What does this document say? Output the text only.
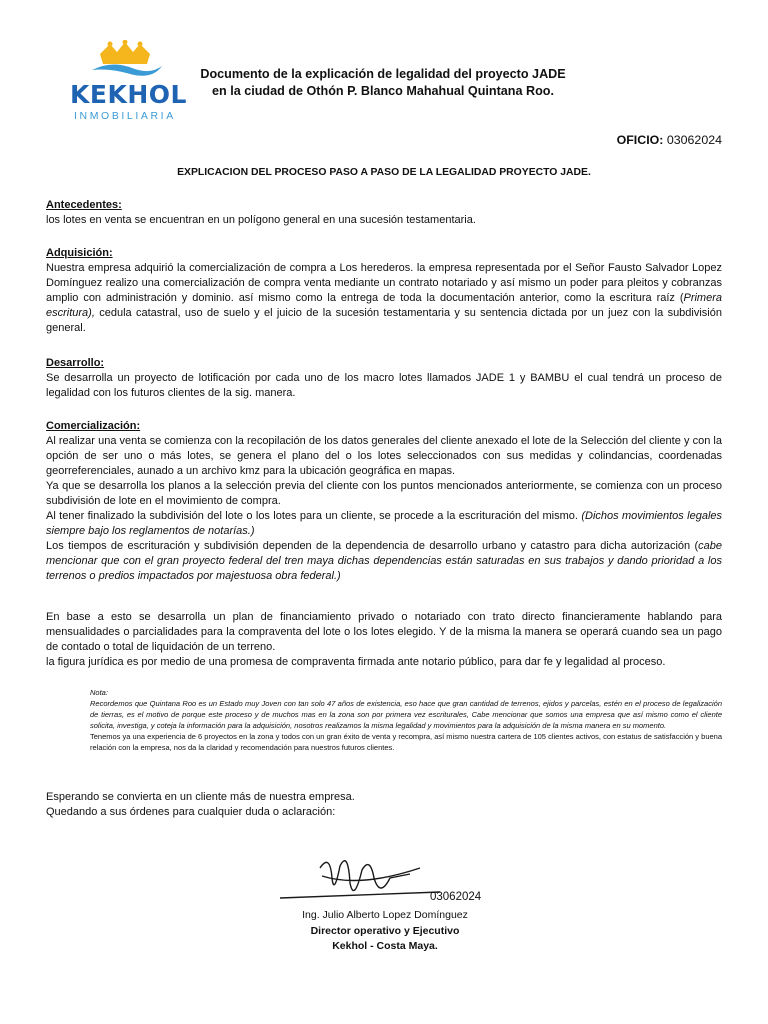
KEKHOL
INMOBILIARIA
Documento de la explicación de legalidad del proyecto JADE
en la ciudad de Othón P. Blanco Mahahual Quintana Roo.
OFICIO: 03062024
EXPLICACION DEL PROCESO PASO A PASO DE LA LEGALIDAD PROYECTO JADE.
Antecedentes:

los lotes en venta se encuentran en un polígono general en una sucesión testamentaria.

Adquisición:

Nuestra empresa adquirió la comercialización de compra a Los herederos. la empresa representada por el Señor Fausto Salvador Lopez Domínguez realizo una comercialización de compra venta mediante un contrato notariado y así mismo un poder para pleitos y cobranzas amplio con administración y dominio. así mismo como la entrega de toda la documentación anterior, como la escritura raíz (Primera escritura), cedula catastral, uso de suelo y el juicio de la sucesión testamentaria y su sentencia dictada por un juez con la subdivisión general.

Desarrollo:

Se desarrolla un proyecto de lotificación por cada uno de los macro lotes llamados JADE 1 y BAMBU el cual tendrá un proceso de legalidad con los futuros clientes de la sig. manera.

Comercialización:

Al realizar una venta se comienza con la recopilación de los datos generales del cliente anexado el lote de la Selección del cliente y con la opción de ser uno o más lotes, se genera el plano del o los lotes seleccionados con sus medidas y colindancias, coordenadas georreferenciales, aunado a un archivo kmz para la ubicación geográfica en mapas.

Ya que se desarrolla los planos a la selección previa del cliente con los puntos mencionados anteriormente, se comienza con un proceso subdivisión de lote en el movimiento de compra.

Al tener finalizado la subdivisión del lote o los lotes para un cliente, se procede a la escrituración del mismo. (Dichos movimientos legales siempre bajo los reglamentos de notarías.)

Los tiempos de escrituración y subdivisión dependen de la dependencia de desarrollo urbano y catastro para dicha autorización (cabe mencionar que con el gran proyecto federal del tren maya dichas dependencias están saturadas en sus trabajos y dando prioridad a los terrenos o predios impactados por majestuosa obra federal.)

En base a esto se desarrolla un plan de financiamiento privado o notariado con trato directo financieramente hablando para mensualidades o parcialidades para la compraventa del lote o los lotes elegido. Y de la misma la manera se operará cuando sea un pago de contado o total de liquidación de un terreno.

la figura jurídica es por medio de una promesa de compraventa firmada ante notario público, para dar fe y legalidad al proceso.

Nota:

Recordemos que Quintana Roo es un Estado muy Joven con tan solo 47 años de existencia, eso hace que gran cantidad de terrenos, ejidos y parcelas, estén en el proceso de legalización de tierras, es el motivo de porque este proceso y de muchos mas en la zona son por primera vez escriturales, Cabe mencionar que somos una empresa que así mismo como el cliente solicita, investiga, y coteja la información para la adquisición, nosotros realizamos la misma legalidad y movimientos para la adquisición de la misma manera en su momento.

Tenemos ya una experiencia de 6 proyectos en la zona y todos con un gran éxito de venta y recompra, así mismo nuestra cartera de 105 clientes activos, con estatus de satisfacción y buena relación con la empresa, nos da la claridad y recomendación para nuestros futuros clientes.

Esperando se convierta en un cliente más de nuestra empresa.

Quedando a sus órdenes para cualquier duda o aclaración:

03062024
Ing. Julio Alberto Lopez Domínguez
Director operativo y Ejecutivo
Kekhol - Costa Maya.
